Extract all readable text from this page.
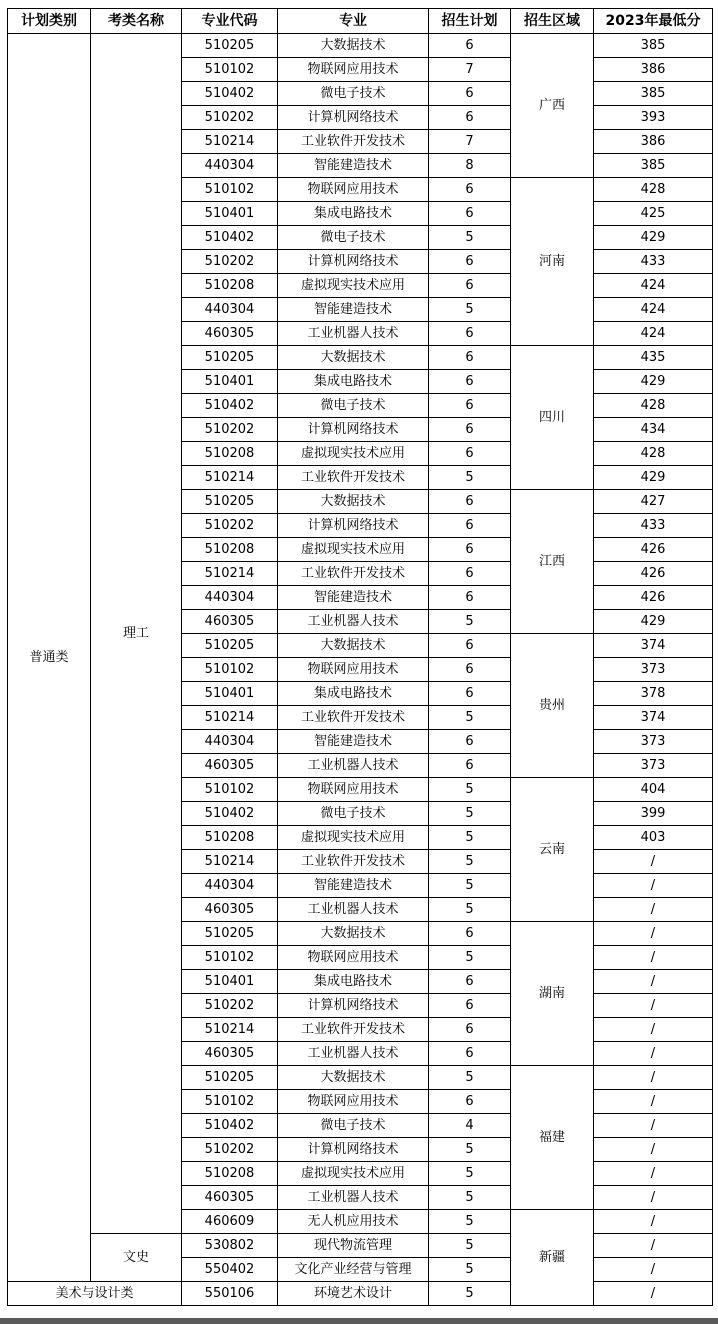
计划类别	考类名称	专业代码	专业	招生计划	招生区域	2023年最低分
普通类	理工	510205	大数据技术	6	广西	385
		510102	物联网应用技术	7		386
		510402	微电子技术	6		385
		510202	计算机网络技术	6		393
		510214	工业软件开发技术	7		386
		440304	智能建造技术	8		385
		510102	物联网应用技术	6	河南	428
		510401	集成电路技术	6		425
		510402	微电子技术	5		429
		510202	计算机网络技术	6		433
		510208	虚拟现实技术应用	6		424
		440304	智能建造技术	5		424
		460305	工业机器人技术	6		424
		510205	大数据技术	6	四川	435
		510401	集成电路技术	6		429
		510402	微电子技术	6		428
		510202	计算机网络技术	6		434
		510208	虚拟现实技术应用	6		428
		510214	工业软件开发技术	5		429
		510205	大数据技术	6	江西	427
		510202	计算机网络技术	6		433
		510208	虚拟现实技术应用	6		426
		510214	工业软件开发技术	6		426
		440304	智能建造技术	6		426
		460305	工业机器人技术	5		429
		510205	大数据技术	6	贵州	374
		510102	物联网应用技术	6		373
		510401	集成电路技术	6		378
		510214	工业软件开发技术	5		374
		440304	智能建造技术	6		373
		460305	工业机器人技术	6		373
		510102	物联网应用技术	5	云南	404
		510402	微电子技术	5		399
		510208	虚拟现实技术应用	5		403
		510214	工业软件开发技术	5		/
		440304	智能建造技术	5		/
		460305	工业机器人技术	5		/
		510205	大数据技术	6	湖南	/
		510102	物联网应用技术	5		/
		510401	集成电路技术	6		/
		510202	计算机网络技术	6		/
		510214	工业软件开发技术	6		/
		460305	工业机器人技术	6		/
		510205	大数据技术	5	福建	/
		510102	物联网应用技术	6		/
		510402	微电子技术	4		/
		510202	计算机网络技术	5		/
		510208	虚拟现实技术应用	5		/
		460305	工业机器人技术	5		/
		460609	无人机应用技术	5	新疆	/
	文史	530802	现代物流管理	5		/
		550402	文化产业经营与管理	5		/
美术与设计类		550106	环境艺术设计	5		/
